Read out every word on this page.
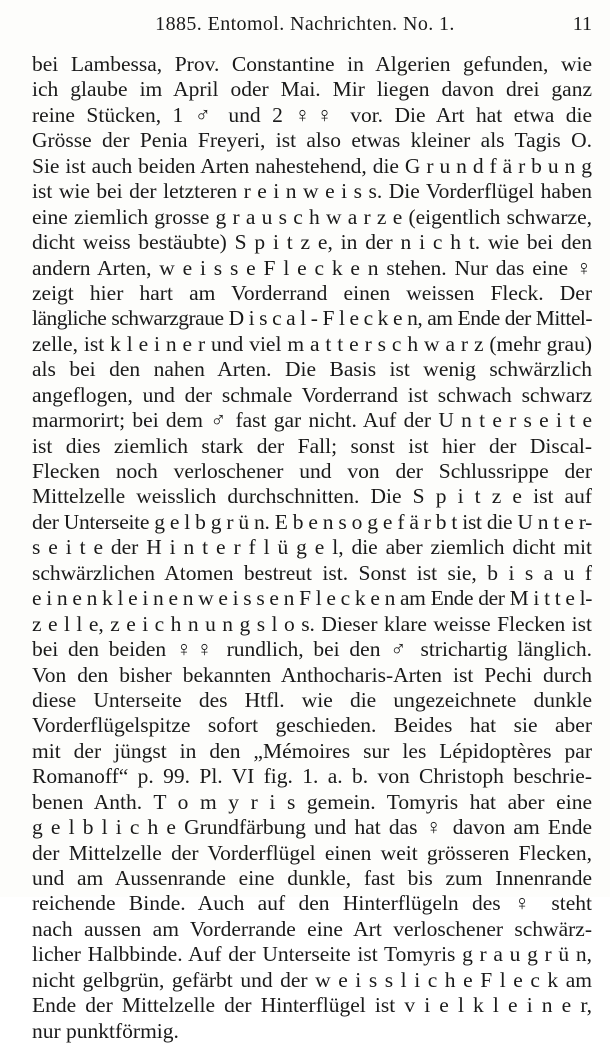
1885. Entomol. Nachrichten. No. 1.	11
bei Lambessa, Prov. Constantine in Algerien gefunden, wie
ich glaube im April oder Mai. Mir liegen davon drei ganz
reine Stücken, 1 ♂ und 2 ♀♀ vor. Die Art hat etwa die
Grösse der Penia Freyeri, ist also etwas kleiner als Tagis O.
Sie ist auch beiden Arten nahestehend, die G r u n d f ä r b u n g
ist wie bei der letzteren r e i n w e i s s. Die Vorderflügel haben
eine ziemlich grosse g r a u s c h w a r z e (eigentlich schwarze,
dicht weiss bestäubte) S p i t z e, in der n i c h t. wie bei den
andern Arten, w e i s s e F l e c k e n stehen. Nur das eine ♀
zeigt hier hart am Vorderrand einen weissen Fleck. Der
längliche schwarzgraue D i s c a l - F l e c k e n, am Ende der Mittel-
zelle, ist k l e i n e r und viel m a t t e r s c h w a r z (mehr grau)
als bei den nahen Arten. Die Basis ist wenig schwärzlich
angeflogen, und der schmale Vorderrand ist schwach schwarz
marmorirt; bei dem ♂ fast gar nicht. Auf der U n t e r s e i t e
ist dies ziemlich stark der Fall; sonst ist hier der Discal-
Flecken noch verloschener und von der Schlussrippe der
Mittelzelle weisslich durchschnitten. Die S p i t z e ist auf
der Unterseite g e l b g r ü n. E b e n s o g e f ä r b t ist die U n t e r-
s e i t e der H i n t e r f l ü g e l, die aber ziemlich dicht mit
schwärzlichen Atomen bestreut ist. Sonst ist sie, b i s a u f
e i n e n k l e i n e n w e i s s e n F l e c k e n am Ende der M i t t e l-
z e l l e, z e i c h n u n g s l o s. Dieser klare weisse Flecken ist
bei den beiden ♀♀ rundlich, bei den ♂ strichartig länglich.
Von den bisher bekannten Anthocharis-Arten ist Pechi durch
diese Unterseite des Htfl. wie die ungezeichnete dunkle
Vorderflügelspitze sofort geschieden. Beides hat sie aber
mit der jüngst in den „Mémoires sur les Lépidoptères par
Romanoff“ p. 99. Pl. VI fig. 1. a. b. von Christoph beschrie-
benen Anth. T o m y r i s gemein. Tomyris hat aber eine
g e l b l i c h e Grundfärbung und hat das ♀ davon am Ende
der Mittelzelle der Vorderflügel einen weit grösseren Flecken,
und am Aussenrande eine dunkle, fast bis zum Innenrande
reichende Binde. Auch auf den Hinterflügeln des ♀ steht
nach aussen am Vorderrande eine Art verloschener schwärz-
licher Halbbinde. Auf der Unterseite ist Tomyris g r a u g r ü n,
nicht gelbgrün, gefärbt und der w e i s s l i c h e F l e c k am
Ende der Mittelzelle der Hinterflügel ist v i e l k l e i n e r,
nur punktförmig.
